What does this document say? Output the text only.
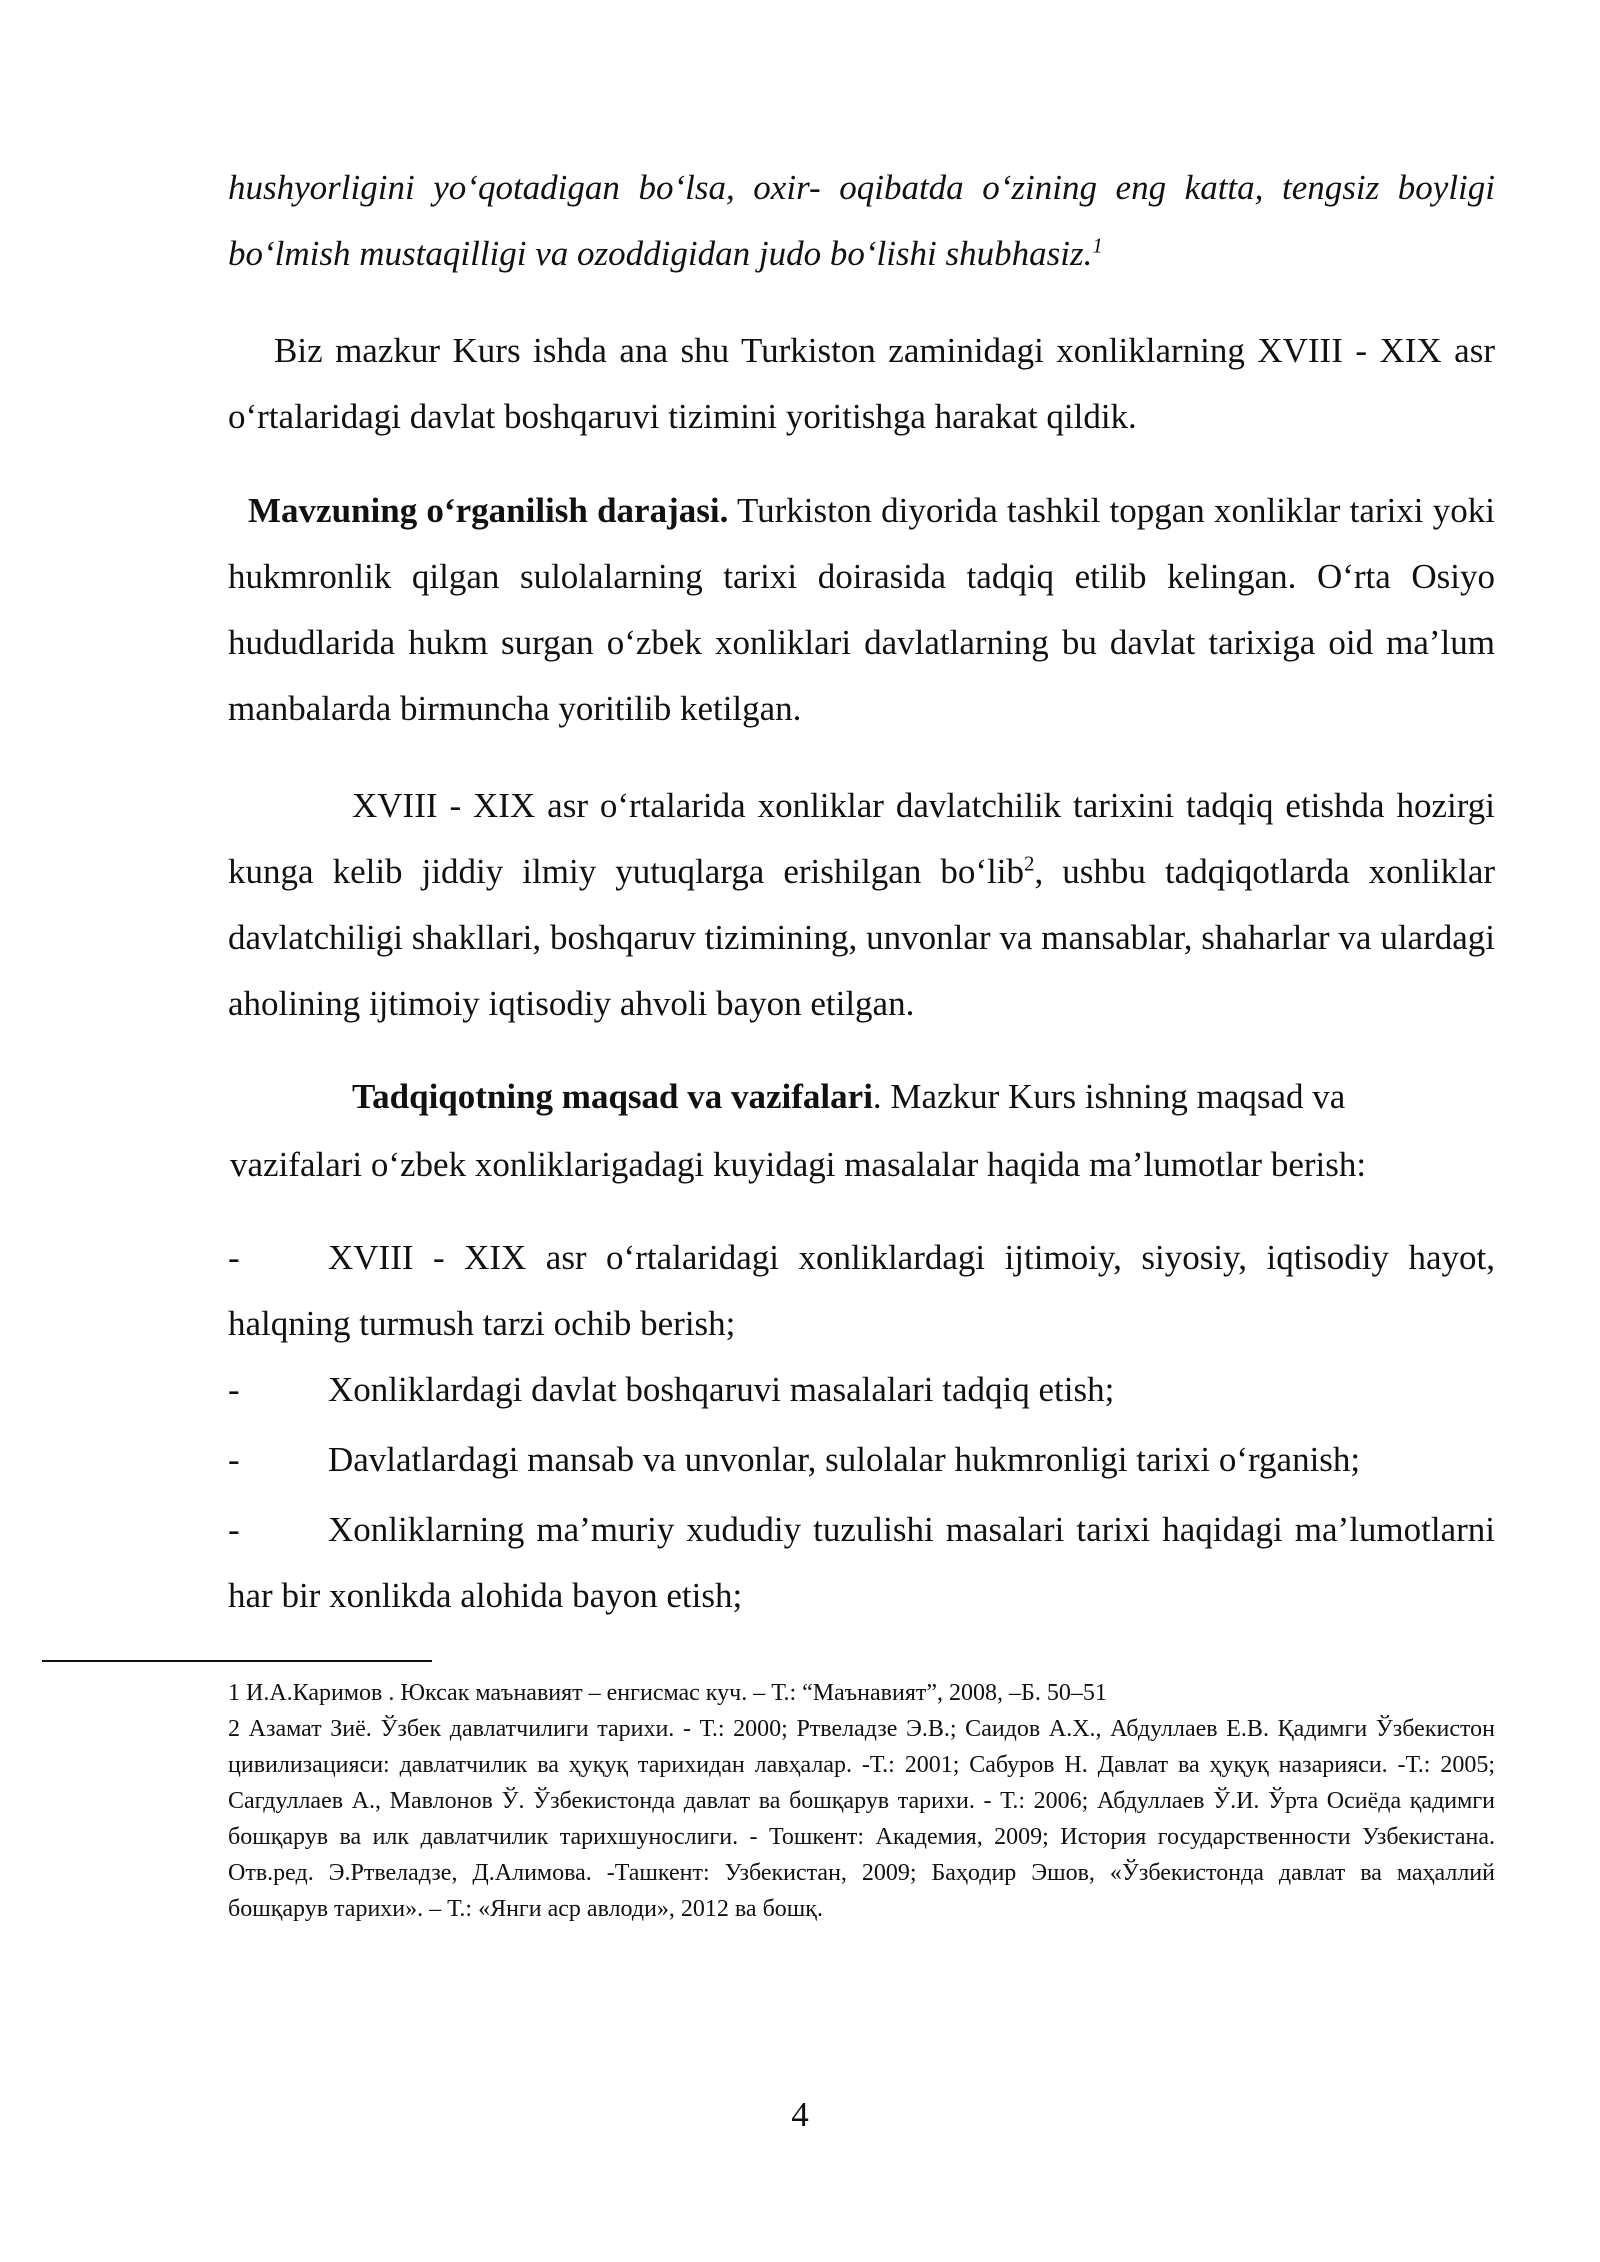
hushyorligini yoʻqotadigan boʻlsa, oxir- oqibatda oʻzining eng katta, tengsiz boyligi boʻlmish mustaqilligi va ozoddigidan judo boʻlishi shubhasiz.$^1$

Biz mazkur Kurs ishda ana shu Turkiston zaminidagi xonliklarning XVIII - XIX asr oʻrtalaridagi davlat boshqaruvi tizimini yoritishga harakat qildik.

Mavzuning oʻrganilish darajasi. Turkiston diyorida tashkil topgan xonliklar tarixi yoki hukmronlik qilgan sulolalarning tarixi doirasida tadqiq etilib kelingan. Oʻrta Osiyo hududlarida hukm surgan oʻzbek xonliklari davlatlarning bu davlat tarixiga oid ma’lum manbalarda birmuncha yoritilib ketilgan.

XVIII - XIX asr oʻrtalarida xonliklar davlatchilik tarixini tadqiq etishda hozirgi kunga kelib jiddiy ilmiy yutuqlarga erishilgan boʻlib$^2$, ushbu tadqiqotlarda xonliklar davlatchiligi shakllari, boshqaruv tizimining, unvonlar va mansablar, shaharlar va ulardagi aholining ijtimoiy iqtisodiy ahvoli bayon etilgan.

Tadqiqotning maqsad va vazifalari. Mazkur Kurs ishning maqsad va

vazifalari oʻzbek xonliklarigadagi kuyidagi masalalar haqida ma’lumotlar berish:

-	XVIII - XIX asr oʻrtalaridagi xonliklardagi ijtimoiy, siyosiy, iqtisodiy hayot, halqning turmush tarzi ochib berish;
-	Xonliklardagi davlat boshqaruvi masalalari tadqiq etish;
-	Davlatlardagi mansab va unvonlar, sulolalar hukmronligi tarixi oʻrganish;
-	Xonliklarning ma’muriy xududiy tuzulishi masalari tarixi haqidagi ma’lumotlarni har bir xonlikda alohida bayon etish;
1 И.А.Каримов . Юксак маънавият – енгисмас куч. – Т.: “Маънавият”, 2008, –Б. 50–51
2 Азамат Зиё. Ўзбек давлатчилиги тарихи. - Т.: 2000; Ртвеладзе Э.В.; Саидов А.Х., Абдуллаев Е.В. Қадимги Ўзбекистон цивилизацияси: давлатчилик ва ҳуқуқ тарихидан лавҳалар. -Т.: 2001; Сабуров Н. Давлат ва ҳуқуқ назарияси. -Т.: 2005; Сагдуллаев А., Мавлонов Ў. Ўзбекистонда давлат ва бошқарув тарихи. - Т.: 2006; Абдуллаев Ў.И. Ўрта Осиёда қадимги бошқарув ва илк давлатчилик тарихшунослиги. - Тошкент: Академия, 2009; История государственности Узбекистана. Отв.ред. Э.Ртвеладзе, Д.Алимова. -Ташкент: Узбекистан, 2009; Баҳодир Эшов, «Ўзбекистонда давлат ва маҳаллий бошқарув тарихи». – Т.: «Янги аср авлоди», 2012 ва бошқ.
4
